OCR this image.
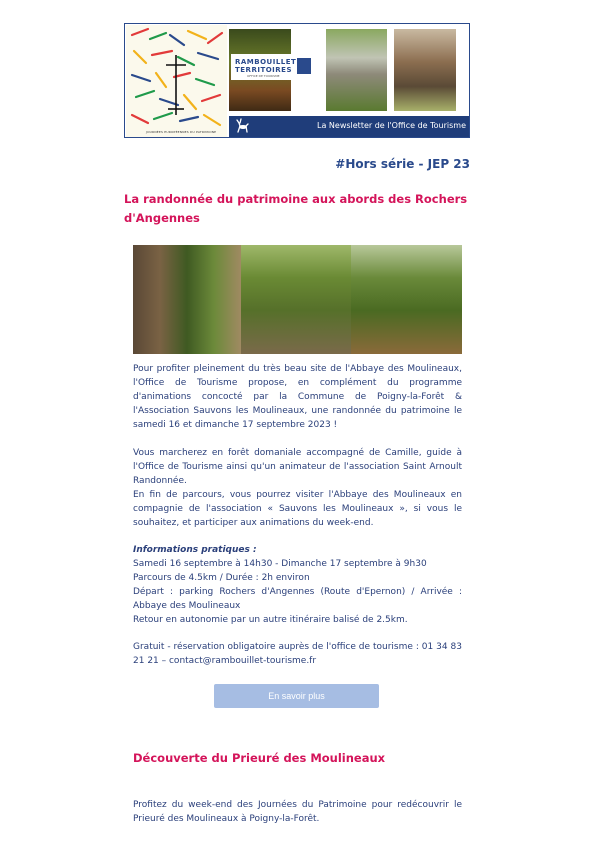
JOURNÉES EUROPÉENNES DU PATRIMOINE
RAMBOUILLET
TERRITOIRES
OFFICE DE TOURISME
La Newsletter de l'Office de Tourisme
#Hors série - JEP 23
La randonnée du patrimoine aux abords des Rochers d'Angennes

Pour profiter pleinement du très beau site de l'Abbaye des Moulineaux, l'Office de Tourisme propose, en complément du programme d'animations concocté par la Commune de Poigny-la-Forêt & l'Association Sauvons les Moulineaux, une randonnée du patrimoine le samedi 16 et dimanche 17 septembre 2023 !

Vous marcherez en forêt domaniale accompagné de Camille, guide à l'Office de Tourisme ainsi qu'un animateur de l'association Saint Arnoult Randonnée.

En fin de parcours, vous pourrez visiter l'Abbaye des Moulineaux en compagnie de l'association « Sauvons les Moulineaux », si vous le souhaitez, et participer aux animations du week-end.

Informations pratiques :

Samedi 16 septembre à 14h30 - Dimanche 17 septembre à 9h30

Parcours de 4.5km / Durée : 2h environ

Départ : parking Rochers d'Angennes (Route d'Epernon) / Arrivée : Abbaye des Moulineaux

Retour en autonomie par un autre itinéraire balisé de 2.5km.

Gratuit - réservation obligatoire auprès de l'office de tourisme : 01 34 83 21 21 – contact@rambouillet-tourisme.fr

En savoir plus
Découverte du Prieuré des Moulineaux

Profitez du week-end des Journées du Patrimoine pour redécouvrir le Prieuré des Moulineaux à Poigny-la-Forêt.
